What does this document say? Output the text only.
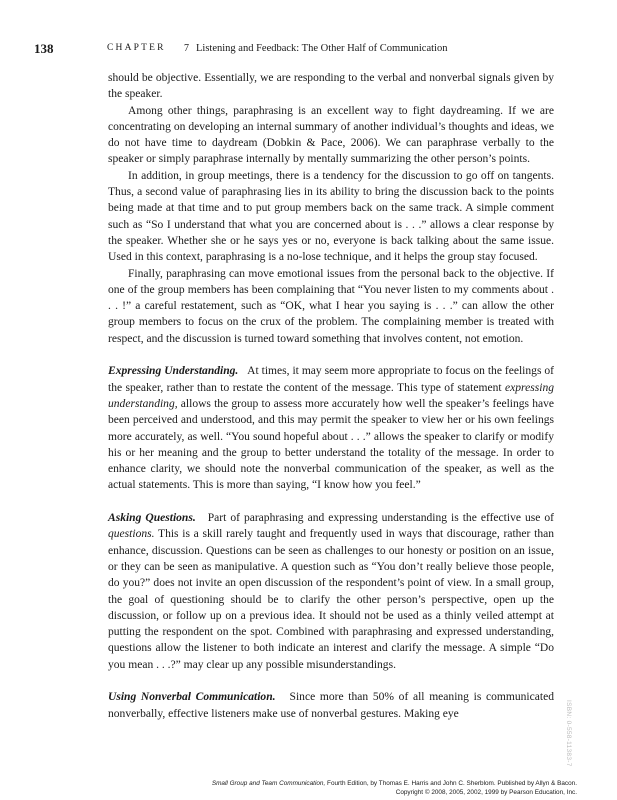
138	CHAPTER 7 Listening and Feedback: The Other Half of Communication

should be objective. Essentially, we are responding to the verbal and nonverbal signals given by the speaker.

Among other things, paraphrasing is an excellent way to fight daydreaming. If we are concentrating on developing an internal summary of another individual’s thoughts and ideas, we do not have time to daydream (Dobkin & Pace, 2006). We can paraphrase verbally to the speaker or simply paraphrase internally by mentally summarizing the other person’s points.

In addition, in group meetings, there is a tendency for the discussion to go off on tangents. Thus, a second value of paraphrasing lies in its ability to bring the discussion back to the points being made at that time and to put group members back on the same track. A simple comment such as “So I understand that what you are concerned about is . . .” allows a clear response by the speaker. Whether she or he says yes or no, everyone is back talking about the same issue. Used in this context, paraphrasing is a no-lose technique, and it helps the group stay focused.

Finally, paraphrasing can move emotional issues from the personal back to the objective. If one of the group members has been complaining that “You never listen to my comments about . . . !” a careful restatement, such as “OK, what I hear you saying is . . .” can allow the other group members to focus on the crux of the problem. The complaining member is treated with respect, and the discussion is turned toward something that involves content, not emotion.

Expressing Understanding. At times, it may seem more appropriate to focus on the feelings of the speaker, rather than to restate the content of the message. This type of statement expressing understanding, allows the group to assess more accurately how well the speaker’s feelings have been perceived and understood, and this may permit the speaker to view her or his own feelings more accurately, as well. “You sound hopeful about . . .” allows the speaker to clarify or modify his or her meaning and the group to better understand the totality of the message. In order to enhance clarity, we should note the nonverbal communication of the speaker, as well as the actual statements. This is more than saying, “I know how you feel.”

Asking Questions. Part of paraphrasing and expressing understanding is the effective use of questions. This is a skill rarely taught and frequently used in ways that discourage, rather than enhance, discussion. Questions can be seen as challenges to our honesty or position on an issue, or they can be seen as manipulative. A question such as “You don’t really believe those people, do you?” does not invite an open discussion of the respondent’s point of view. In a small group, the goal of questioning should be to clarify the other person’s perspective, open up the discussion, or follow up on a previous idea. It should not be used as a thinly veiled attempt at putting the respondent on the spot. Combined with paraphrasing and expressed understanding, questions allow the listener to both indicate an interest and clarify the message. A simple “Do you mean . . .?” may clear up any possible misunderstandings.

Using Nonverbal Communication. Since more than 50% of all meaning is communicated nonverbally, effective listeners make use of nonverbal gestures. Making eye	ISBN: 0-558-11383-7
Small Group and Team Communication, Fourth Edition, by Thomas E. Harris and John C. Sherblom. Published by Allyn & Bacon.
Copyright © 2008, 2005, 2002, 1999 by Pearson Education, Inc.
